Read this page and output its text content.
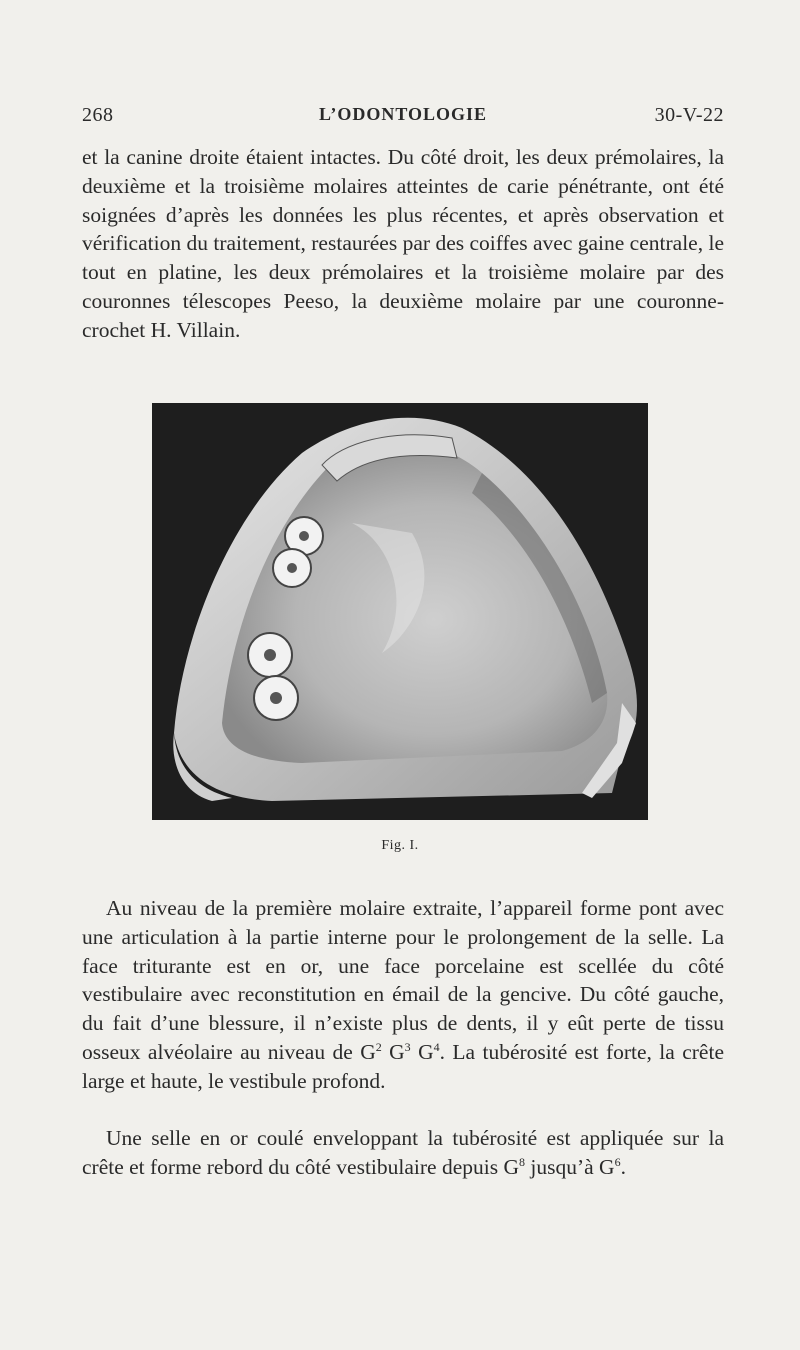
268	L’ODONTOLOGIE	30-V-22

et la canine droite étaient intactes. Du côté droit, les deux prémolaires, la deuxième et la troisième molaires atteintes de carie pénétrante, ont été soignées d’après les données les plus récentes, et après observation et vérification du traitement, restaurées par des coiffes avec gaine centrale, le tout en platine, les deux prémolaires et la troisième molaire par des couronnes télescopes Peeso, la deuxième molaire par une couronne-crochet H. Villain.

Fig. I.

Au niveau de la première molaire extraite, l’appareil forme pont avec une articulation à la partie interne pour le prolongement de la selle. La face triturante est en or, une face porcelaine est scellée du côté vestibulaire avec reconstitution en émail de la gencive. Du côté gauche, du fait d’une blessure, il n’existe plus de dents, il y eût perte de tissu osseux alvéolaire au niveau de $G^2$ $G^3$ $G^4$. La tubérosité est forte, la crête large et haute, le vestibule profond.

Une selle en or coulé enveloppant la tubérosité est appliquée sur la crête et forme rebord du côté vestibulaire depuis $G^8$ jusqu’à $G^6$.
